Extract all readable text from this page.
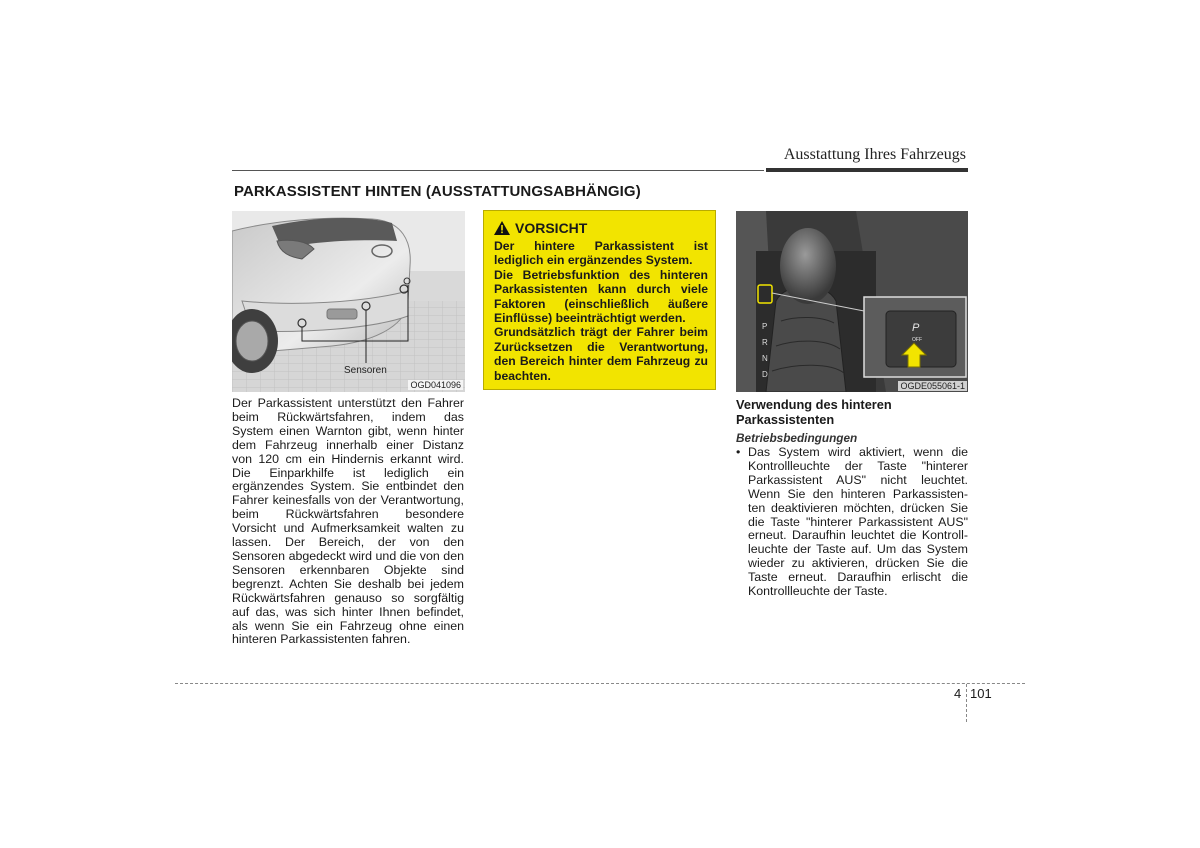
Ausstattung Ihres Fahrzeugs
PARKASSISTENT HINTEN (AUSSTATTUNGSABHÄNGIG)
Sensoren
OGD041096
Der Parkassistent unterstützt den Fahrer beim Rückwärtsfahren, indem das System einen Warnton gibt, wenn hinter dem Fahrzeug innerhalb einer Distanz von 120 cm ein Hindernis erkannt wird. Die Einparkhilfe ist lediglich ein ergänzendes System. Sie entbindet den Fahrer keinesfalls von der Verantwortung, beim Rückwärtsfahren besondere Vorsicht und Aufmerksamkeit walten zu lassen. Der Bereich, der von den Sensoren abgedeckt wird und die von den Sensoren erkennbaren Objekte sind begrenzt. Achten Sie deshalb bei jedem Rückwärtsfahren genauso so sorgfältig auf das, was sich hinter Ihnen befindet, als wenn Sie ein Fahrzeug ohne einen hinteren Parkassistenten fahren.
VORSICHT

Der hintere Parkassistent ist lediglich ein ergänzendes System.

Die Betriebsfunktion des hinteren Parkassistenten kann durch viele Faktoren (einschließlich äußere Einflüsse) beeinträchtigt werden.

Grundsätzlich trägt der Fahrer beim Zurücksetzen die Verantwortung, den Bereich hinter dem Fahrzeug zu beachten.

P
R
N
D
P
OFF
OGDE055061-1
Verwendung des hinteren Parkassistenten
Betriebsbedingungen
• Das System wird aktiviert, wenn die Kontrollleuchte der Taste "hinterer Parkassistent AUS" nicht leuchtet. Wenn Sie den hinteren Parkassisten-ten deaktivieren möchten, drücken Sie die Taste "hinterer Parkassistent AUS" erneut. Daraufhin leuchtet die Kontroll-leuchte der Taste auf. Um das System wieder zu aktivieren, drücken Sie die Taste erneut. Daraufhin erlischt die Kontrollleuchte der Taste.
4 101
